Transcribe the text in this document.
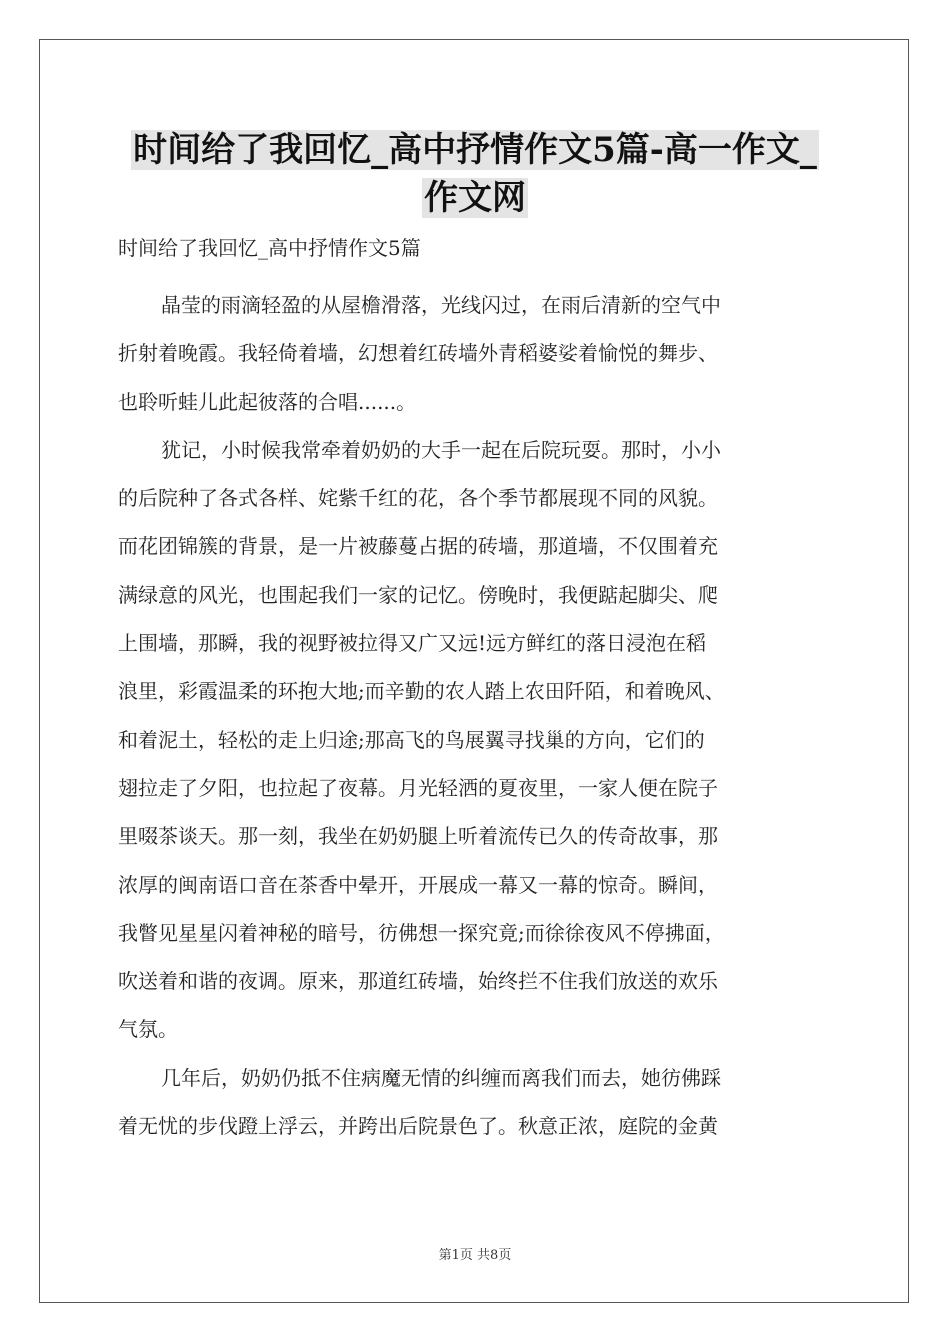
时间给了我回忆_高中抒情作文5篇-高一作文_
作文网
时间给了我回忆_高中抒情作文5篇
晶莹的雨滴轻盈的从屋檐滑落，光线闪过，在雨后清新的空气中
折射着晚霞。我轻倚着墙，幻想着红砖墙外青稻婆娑着愉悦的舞步、
也聆听蛙儿此起彼落的合唱......。
犹记，小时候我常牵着奶奶的大手一起在后院玩耍。那时，小小
的后院种了各式各样、姹紫千红的花，各个季节都展现不同的风貌。
而花团锦簇的背景，是一片被藤蔓占据的砖墙，那道墙，不仅围着充
满绿意的风光，也围起我们一家的记忆。傍晚时，我便踮起脚尖、爬
上围墙，那瞬，我的视野被拉得又广又远!远方鲜红的落日浸泡在稻
浪里，彩霞温柔的环抱大地;而辛勤的农人踏上农田阡陌，和着晚风、
和着泥土，轻松的走上归途;那高飞的鸟展翼寻找巢的方向，它们的
翅拉走了夕阳，也拉起了夜幕。月光轻洒的夏夜里，一家人便在院子
里啜茶谈天。那一刻，我坐在奶奶腿上听着流传已久的传奇故事，那
浓厚的闽南语口音在茶香中晕开，开展成一幕又一幕的惊奇。瞬间，
我瞥见星星闪着神秘的暗号，彷佛想一探究竟;而徐徐夜风不停拂面，
吹送着和谐的夜调。原来，那道红砖墙，始终拦不住我们放送的欢乐
气氛。
几年后，奶奶仍抵不住病魔无情的纠缠而离我们而去，她彷佛踩
着无忧的步伐蹬上浮云，并跨出后院景色了。秋意正浓，庭院的金黄
第1页 共8页
